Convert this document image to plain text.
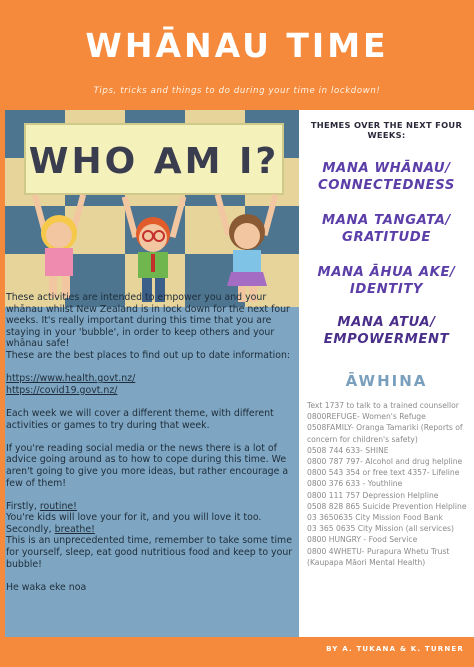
WHĀNAU TIME
Tips, tricks and things to do during your time in lockdown!
WHO AM I?

These activities are intended to empower you and your whānau whilst New Zealand is in lock down for the next four weeks. It's really important during this time that you are staying in your 'bubble', in order to keep others and your whānau safe!

These are the best places to find out up to date information:

https://www.health.govt.nz/

https://covid19.govt.nz/

Each week we will cover a different theme, with different activities or games to try during that week.

If you're reading social media or the news there is a lot of advice going around as to how to cope during this time. We aren't going to give you more ideas, but rather encourage a few of them!

Firstly, routine!

You're kids will love your for it, and you will love it too.

Secondly, breathe!

This is an unprecedented time, remember to take some time for yourself, sleep, eat good nutritious food and keep to your bubble!

He waka eke noa

THEMES OVER THE NEXT FOUR WEEKS:
MANA WHĀNAU/ CONNECTEDNESS
MANA TANGATA/ GRATITUDE
MANA ĀHUA AKE/ IDENTITY
MANA ATUA/ EMPOWERMENT
ĀWHINA
Text 1737 to talk to a trained counsellor
0800REFUGE- Women's Refuge
0508FAMILY- Oranga Tamariki (Reports of concern for children's safety)
0508 744 633- SHINE
0800 787 797- Alcohol and drug helpline
0800 543 354 or free text 4357- Lifeline
0800 376 633 - Youthline
0800 111 757 Depression Helpline
0508 828 865 Suicide Prevention Helpline
03 3650635 City Mission Food Bank
03 365 0635 City Mission (all services)
0800 HUNGRY - Food Service
0800 4WHETU- Purapura Whetu Trust (Kaupapa Māori Mental Health)
BY A. TUKANA & K. TURNER
